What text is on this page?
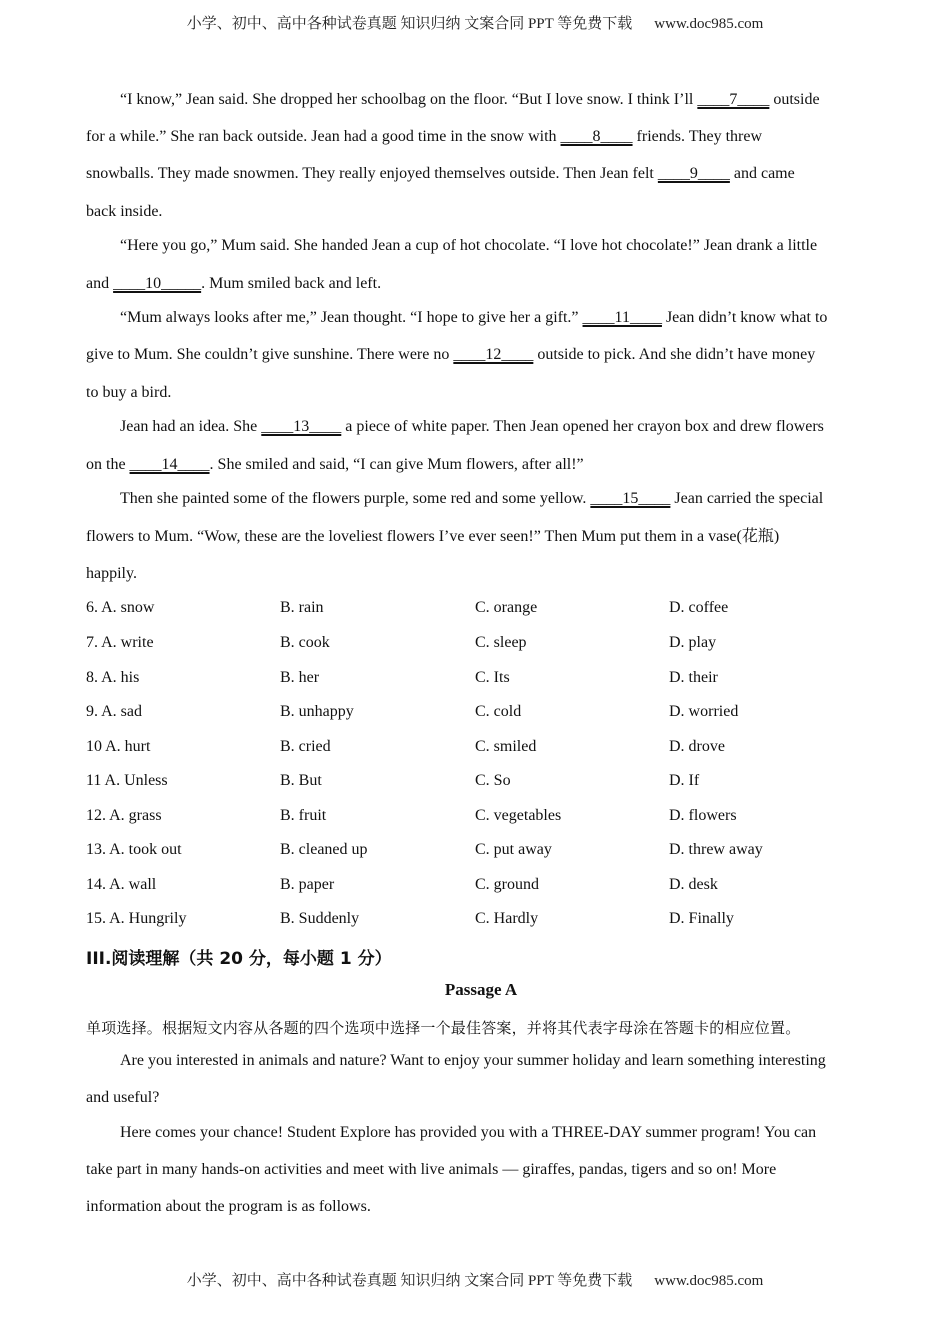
小学、初中、高中各种试卷真题 知识归纳 文案合同 PPT 等免费下载 www.doc985.com
“I know,” Jean said. She dropped her schoolbag on the floor. “But I love snow. I think I’ll ____7____ outside
for a while.” She ran back outside. Jean had a good time in the snow with ____8____ friends. They threw
snowballs. They made snowmen. They really enjoyed themselves outside. Then Jean felt ____9____ and came
back inside.
“Here you go,” Mum said. She handed Jean a cup of hot chocolate. “I love hot chocolate!” Jean drank a little
and ____10_____. Mum smiled back and left.
“Mum always looks after me,” Jean thought. “I hope to give her a gift.” ____11____ Jean didn’t know what to
give to Mum. She couldn’t give sunshine. There were no ____12____ outside to pick. And she didn’t have money
to buy a bird.
Jean had an idea. She ____13____ a piece of white paper. Then Jean opened her crayon box and drew flowers
on the ____14____. She smiled and said, “I can give Mum flowers, after all!”
Then she painted some of the flowers purple, some red and some yellow. ____15____ Jean carried the special
flowers to Mum. “Wow, these are the loveliest flowers I’ve ever seen!” Then Mum put them in a vase(花瓶)
happily.
6. A. snow	B. rain	C. orange	D. coffee
7. A. write	B. cook	C. sleep	D. play
8. A. his	B. her	C. Its	D. their
9. A. sad	B. unhappy	C. cold	D. worried
10 A. hurt	B. cried	C. smiled	D. drove
11 A. Unless	B. But	C. So	D. If
12. A. grass	B. fruit	C. vegetables	D. flowers
13. A. took out	B. cleaned up	C. put away	D. threw away
14. A. wall	B. paper	C. ground	D. desk
15. A. Hungrily	B. Suddenly	C. Hardly	D. Finally
III.阅读理解（共 20 分，每小题 1 分）
Passage A
单项选择。根据短文内容从各题的四个选项中选择一个最佳答案，并将其代表字母涂在答题卡的相应位置。
Are you interested in animals and nature? Want to enjoy your summer holiday and learn something interesting
and useful?
Here comes your chance! Student Explore has provided you with a THREE-DAY summer program! You can
take part in many hands-on activities and meet with live animals — giraffes, pandas, tigers and so on! More
information about the program is as follows.
小学、初中、高中各种试卷真题 知识归纳 文案合同 PPT 等免费下载 www.doc985.com
